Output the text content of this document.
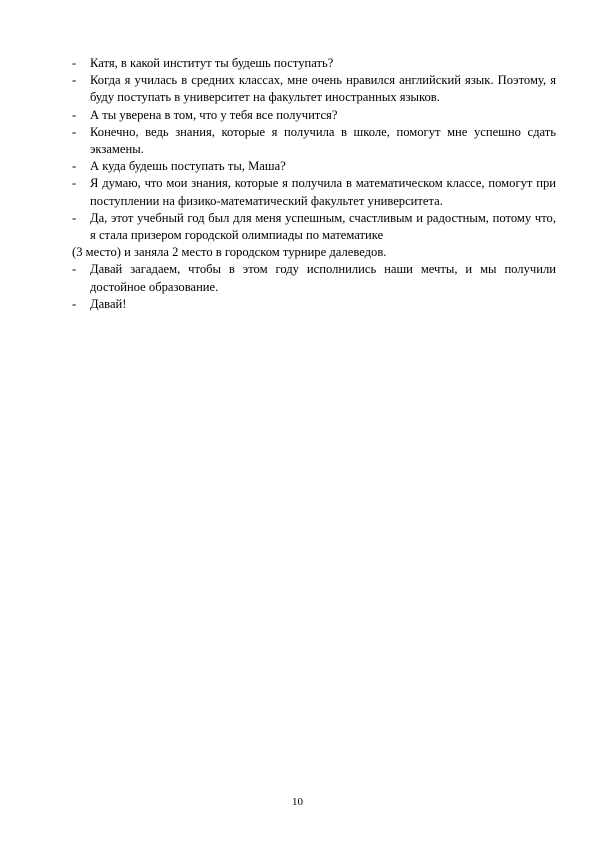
-	Катя, в какой институт ты будешь поступать?
-	Когда я училась в средних классах, мне очень нравился английский язык. Поэтому, я буду поступать в университет на факультет иностранных языков.
-	А ты уверена в том, что у тебя все получится?
-	Конечно, ведь знания, которые я получила в школе, помогут мне успешно сдать экзамены.
-	А куда будешь поступать ты, Маша?
-	Я думаю, что мои знания, которые я получила в математическом классе, помогут при поступлении на физико-математический факультет университета.
-	Да, этот учебный год был для меня успешным, счастливым и радостным, потому что, я стала призером городской олимпиады по математике
(3 место) и заняла 2 место в городском турнире далеведов.
-	Давай загадаем, чтобы в этом году исполнились наши мечты, и мы получили достойное образование.
-	Давай!
10
